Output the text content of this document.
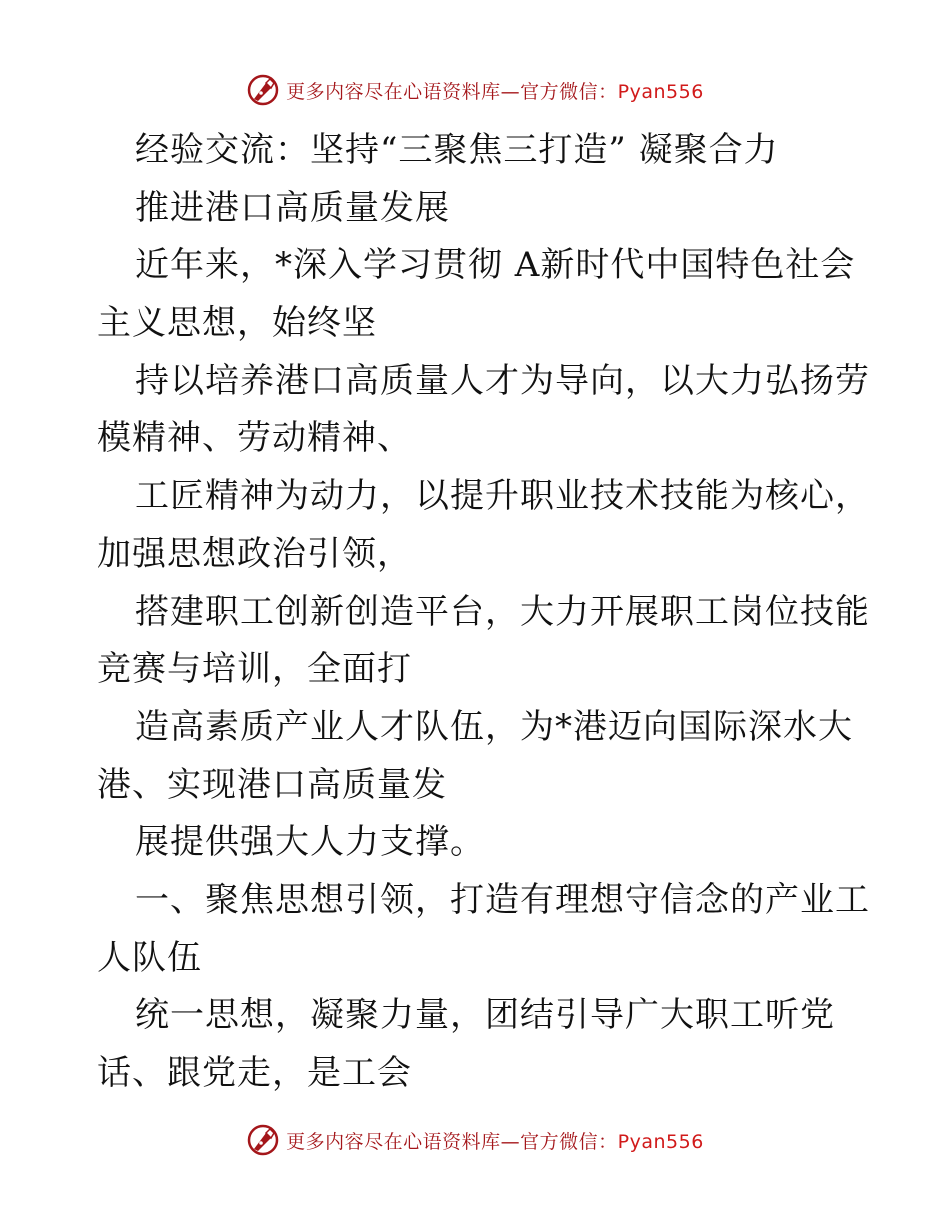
更多内容尽在心语资料库—官方微信：Pyan556
经验交流：坚持“三聚焦三打造” 凝聚合力
推进港口高质量发展
近年来，*深入学习贯彻 A新时代中国特色社会
主义思想，始终坚
持以培养港口高质量人才为导向，以大力弘扬劳
模精神、劳动精神、
工匠精神为动力，以提升职业技术技能为核心，
加强思想政治引领，
搭建职工创新创造平台，大力开展职工岗位技能
竞赛与培训，全面打
造高素质产业人才队伍，为*港迈向国际深水大
港、实现港口高质量发
展提供强大人力支撑。
一、聚焦思想引领，打造有理想守信念的产业工
人队伍
统一思想，凝聚力量，团结引导广大职工听党
话、跟党走，是工会
更多内容尽在心语资料库—官方微信：Pyan556
